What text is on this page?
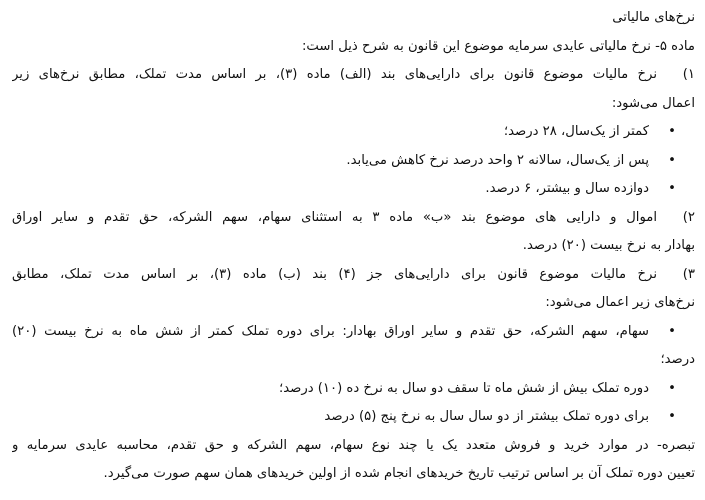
نرخ‌های مالیاتی
ماده ۵- نرخ مالیاتی عایدی سرمایه موضوع این قانون به شرح ذیل است:
۱)نرخ مالیات موضوع قانون برای دارایی‌های بند (الف) ماده (۳)، بر اساس مدت تملک، مطابق نرخ‌های زیر
اعمال می‌شود:
•
کمتر از یک‌سال، ۲۸ درصد؛
•
پس از یک‌سال، سالانه ۲ واحد درصد نرخ کاهش می‌یابد.
•
دوازده سال و بیشتر، ۶ درصد.
۲)اموال و دارایی های موضوع بند «ب» ماده ۳ به استثنای سهام، سهم الشرکه، حق تقدم و سایر اوراق
بهادار به نرخ بیست (۲۰) درصد.
۳)نرخ مالیات موضوع قانون برای دارایی‌های جز (۴) بند (ب) ماده (۳)، بر اساس مدت تملک، مطابق
نرخ‌های زیر اعمال می‌شود:
•
سهام، سهم الشرکه، حق تقدم و سایر اوراق بهادار: برای دوره تملک کمتر از شش ماه به نرخ بیست (۲۰)
درصد؛
•
دوره تملک بیش از شش ماه تا سقف دو سال به نرخ ده (۱۰) درصد؛
•
برای دوره تملک بیشتر از دو سال سال به نرخ پنج (۵) درصد
تبصره- در موارد خرید و فروش متعدد یک یا چند نوع سهام، سهم الشرکه و حق تقدم، محاسبه عایدی سرمایه و
تعیین دوره تملک آن بر اساس ترتیب تاریخ خریدهای انجام شده از اولین خریدهای همان سهم صورت می‌گیرد.
